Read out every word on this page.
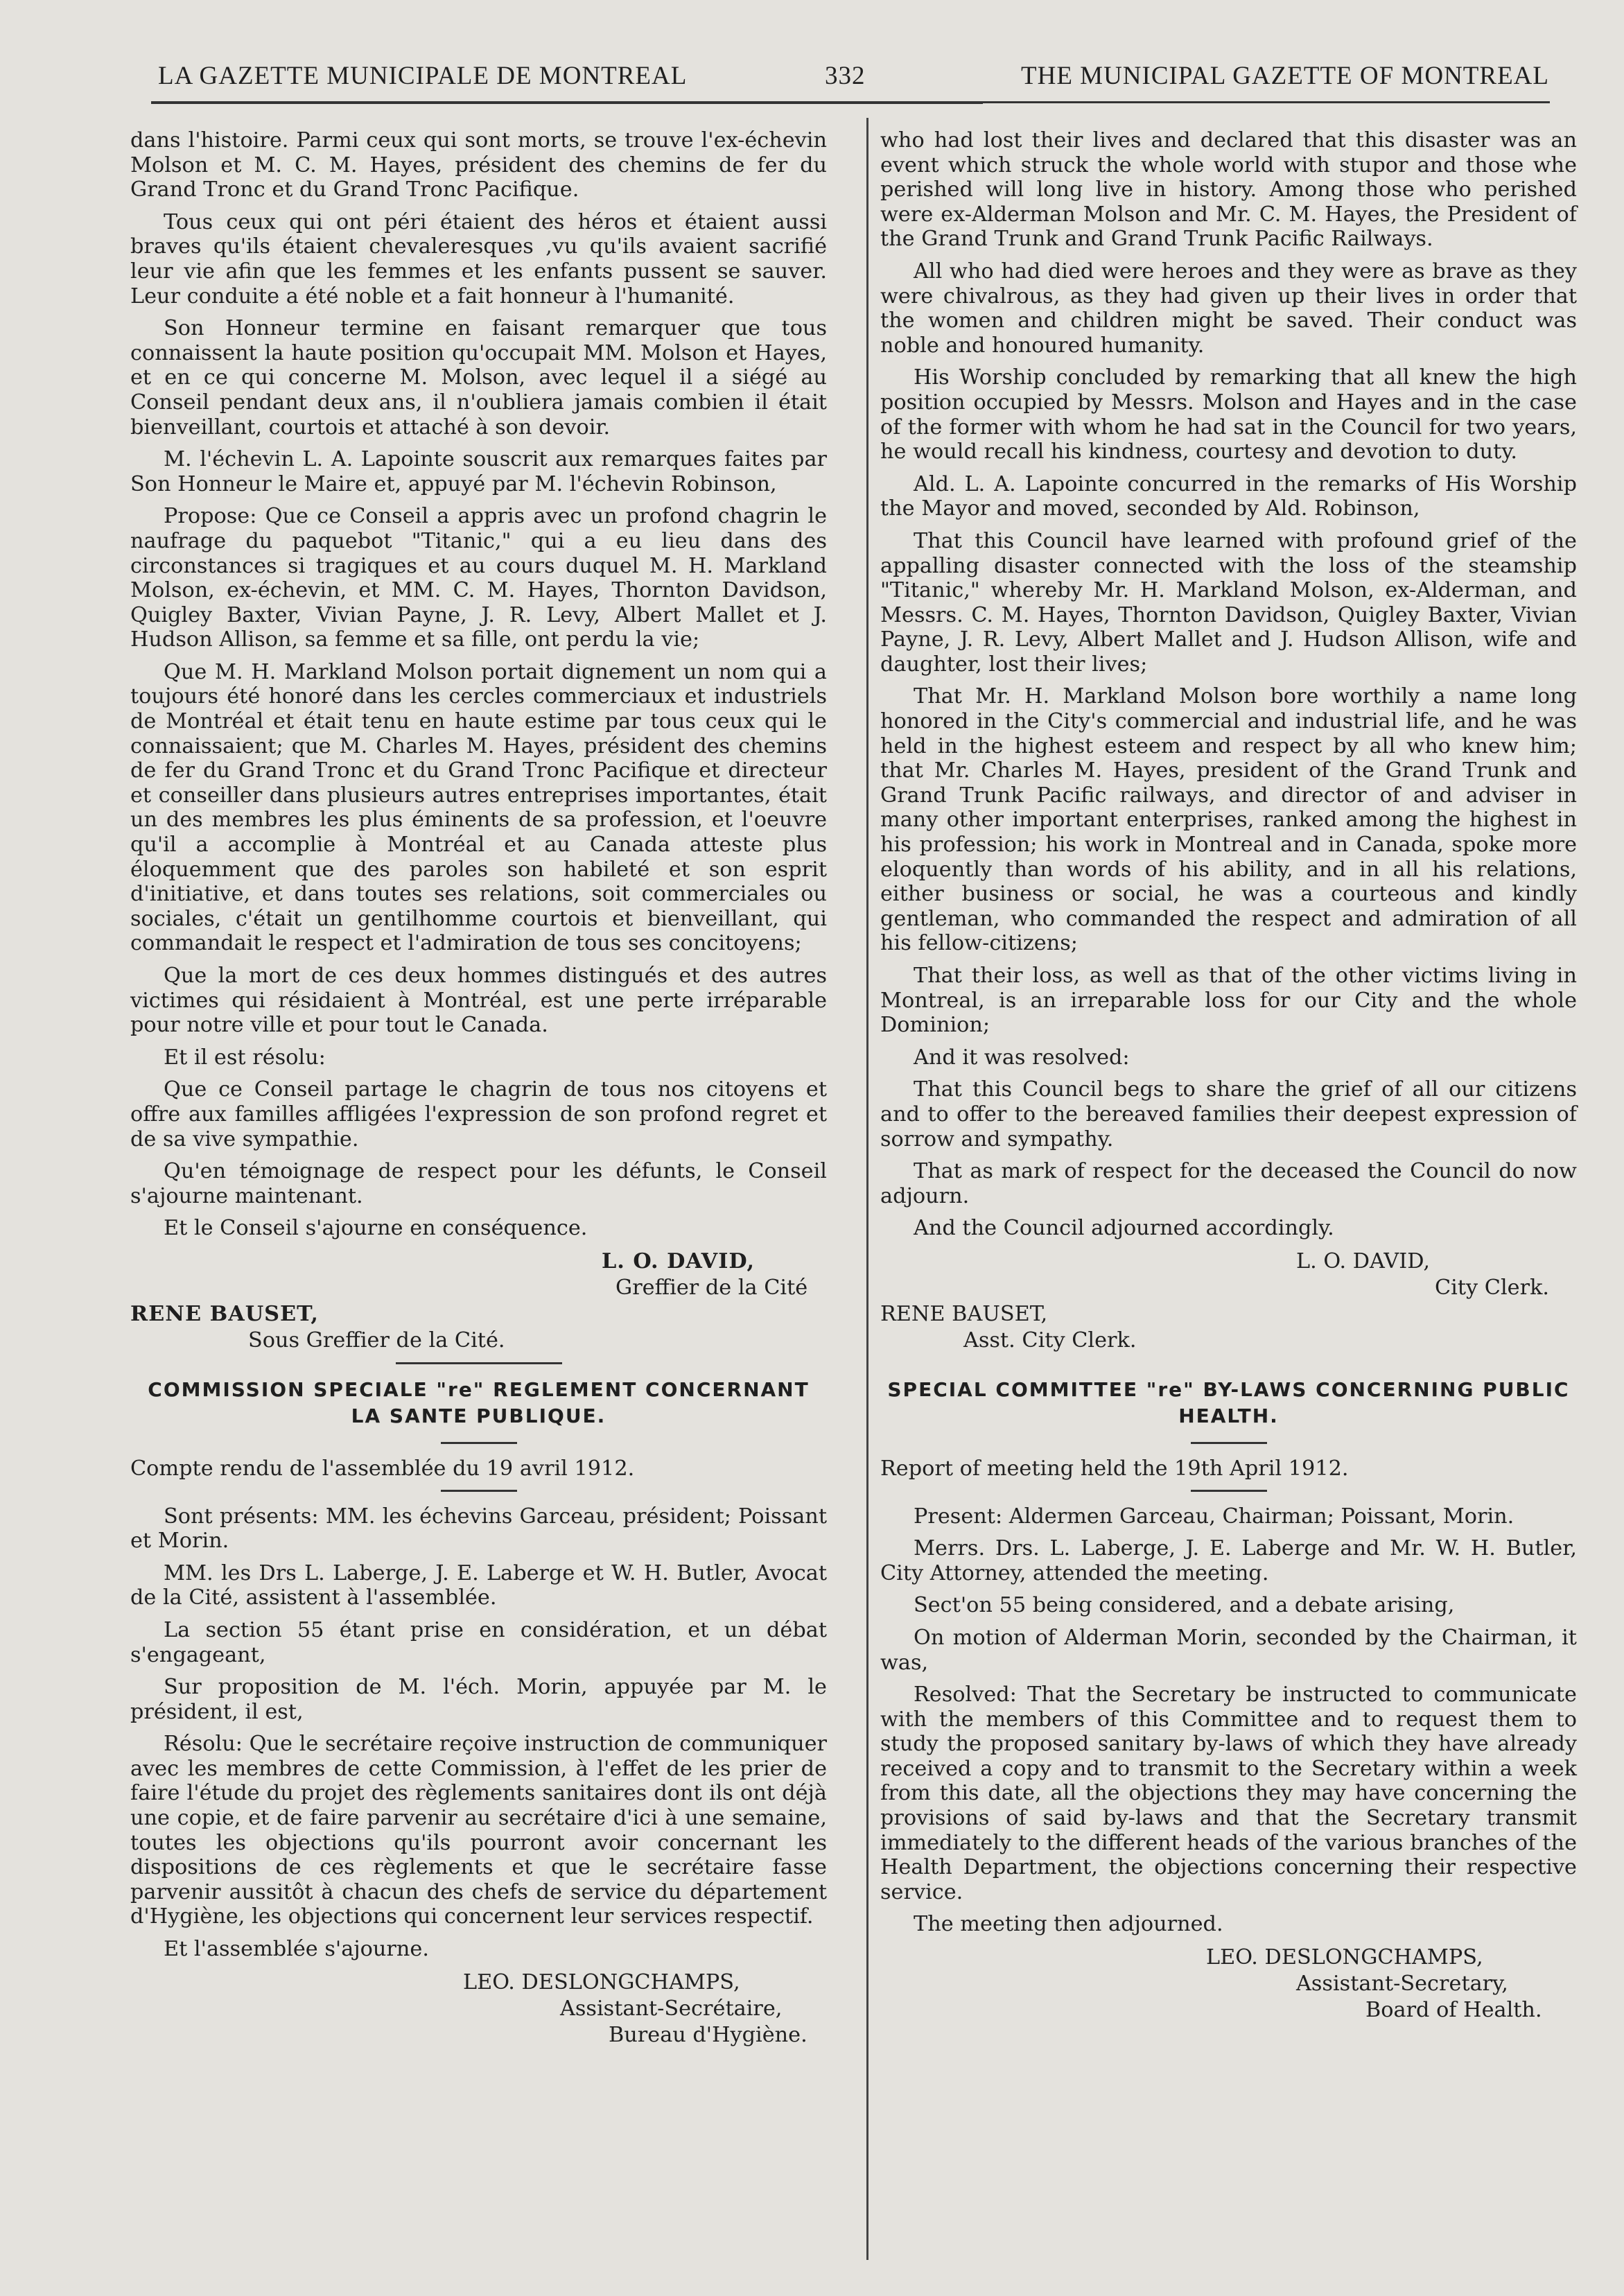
LA GAZETTE MUNICIPALE DE MONTREAL	332	THE MUNICIPAL GAZETTE OF MONTREAL

dans l'histoire. Parmi ceux qui sont morts, se trouve l'ex-échevin Molson et M. C. M. Hayes, président des chemins de fer du Grand Tronc et du Grand Tronc Pacifique.

Tous ceux qui ont péri étaient des héros et étaient aussi braves qu'ils étaient chevaleresques ,vu qu'ils avaient sacrifié leur vie afin que les femmes et les enfants pussent se sauver. Leur conduite a été noble et a fait honneur à l'humanité.

Son Honneur termine en faisant remarquer que tous connaissent la haute position qu'occupait MM. Molson et Hayes, et en ce qui concerne M. Molson, avec lequel il a siégé au Conseil pendant deux ans, il n'oubliera jamais combien il était bienveillant, courtois et attaché à son devoir.

M. l'échevin L. A. Lapointe souscrit aux remarques faites par Son Honneur le Maire et, appuyé par M. l'échevin Robinson,

Propose: Que ce Conseil a appris avec un profond chagrin le naufrage du paquebot "Titanic," qui a eu lieu dans des circonstances si tragiques et au cours duquel M. H. Markland Molson, ex-échevin, et MM. C. M. Hayes, Thornton Davidson, Quigley Baxter, Vivian Payne, J. R. Levy, Albert Mallet et J. Hudson Allison, sa femme et sa fille, ont perdu la vie;

Que M. H. Markland Molson portait dignement un nom qui a toujours été honoré dans les cercles commerciaux et industriels de Montréal et était tenu en haute estime par tous ceux qui le connaissaient; que M. Charles M. Hayes, président des chemins de fer du Grand Tronc et du Grand Tronc Pacifique et directeur et conseiller dans plusieurs autres entreprises importantes, était un des membres les plus éminents de sa profession, et l'oeuvre qu'il a accomplie à Montréal et au Canada atteste plus éloquemment que des paroles son habileté et son esprit d'initiative, et dans toutes ses relations, soit commerciales ou sociales, c'était un gentilhomme courtois et bienveillant, qui commandait le respect et l'admiration de tous ses concitoyens;

Que la mort de ces deux hommes distingués et des autres victimes qui résidaient à Montréal, est une perte irréparable pour notre ville et pour tout le Canada.

Et il est résolu:

Que ce Conseil partage le chagrin de tous nos citoyens et offre aux familles affligées l'expression de son profond regret et de sa vive sympathie.

Qu'en témoignage de respect pour les défunts, le Conseil s'ajourne maintenant.

Et le Conseil s'ajourne en conséquence.

L. O. DAVID,
Greffier de la Cité
RENE BAUSET,
Sous Greffier de la Cité.
COMMISSION SPECIALE "re" REGLEMENT CONCERNANT LA SANTE PUBLIQUE.

Compte rendu de l'assemblée du 19 avril 1912.

Sont présents: MM. les échevins Garceau, président; Poissant et Morin.

MM. les Drs L. Laberge, J. E. Laberge et W. H. Butler, Avocat de la Cité, assistent à l'assemblée.

La section 55 étant prise en considération, et un débat s'engageant,

Sur proposition de M. l'éch. Morin, appuyée par M. le président, il est,

Résolu: Que le secrétaire reçoive instruction de communiquer avec les membres de cette Commission, à l'effet de les prier de faire l'étude du projet des règlements sanitaires dont ils ont déjà une copie, et de faire parvenir au secrétaire d'ici à une semaine, toutes les objections qu'ils pourront avoir concernant les dispositions de ces règlements et que le secrétaire fasse parvenir aussitôt à chacun des chefs de service du département d'Hygiène, les objections qui concernent leur services respectif.

Et l'assemblée s'ajourne.

LEO. DESLONGCHAMPS,
Assistant-Secrétaire,
Bureau d'Hygiène.

who had lost their lives and declared that this disaster was an event which struck the whole world with stupor and those whe perished will long live in history. Among those who perished were ex-Alderman Molson and Mr. C. M. Hayes, the President of the Grand Trunk and Grand Trunk Pacific Railways.

All who had died were heroes and they were as brave as they were chivalrous, as they had given up their lives in order that the women and children might be saved. Their conduct was noble and honoured humanity.

His Worship concluded by remarking that all knew the high position occupied by Messrs. Molson and Hayes and in the case of the former with whom he had sat in the Council for two years, he would recall his kindness, courtesy and devotion to duty.

Ald. L. A. Lapointe concurred in the remarks of His Worship the Mayor and moved, seconded by Ald. Robinson,

That this Council have learned with profound grief of the appalling disaster connected with the loss of the steamship "Titanic," whereby Mr. H. Markland Molson, ex-Alderman, and Messrs. C. M. Hayes, Thornton Davidson, Quigley Baxter, Vivian Payne, J. R. Levy, Albert Mallet and J. Hudson Allison, wife and daughter, lost their lives;

That Mr. H. Markland Molson bore worthily a name long honored in the City's commercial and industrial life, and he was held in the highest esteem and respect by all who knew him; that Mr. Charles M. Hayes, president of the Grand Trunk and Grand Trunk Pacific railways, and director of and adviser in many other important enterprises, ranked among the highest in his profession; his work in Montreal and in Canada, spoke more eloquently than words of his ability, and in all his relations, either business or social, he was a courteous and kindly gentleman, who commanded the respect and admiration of all his fellow-citizens;

That their loss, as well as that of the other victims living in Montreal, is an irreparable loss for our City and the whole Dominion;

And it was resolved:

That this Council begs to share the grief of all our citizens and to offer to the bereaved families their deepest expression of sorrow and sympathy.

That as mark of respect for the deceased the Council do now adjourn.

And the Council adjourned accordingly.

L. O. DAVID,
City Clerk.
RENE BAUSET,
Asst. City Clerk.
SPECIAL COMMITTEE "re" BY-LAWS CONCERNING PUBLIC HEALTH.

Report of meeting held the 19th April 1912.

Present: Aldermen Garceau, Chairman; Poissant, Morin.

Merrs. Drs. L. Laberge, J. E. Laberge and Mr. W. H. Butler, City Attorney, attended the meeting.

Sect'on 55 being considered, and a debate arising,

On motion of Alderman Morin, seconded by the Chairman, it was,

Resolved: That the Secretary be instructed to communicate with the members of this Committee and to request them to study the proposed sanitary by-laws of which they have already received a copy and to transmit to the Secretary within a week from this date, all the objections they may have concerning the provisions of said by-laws and that the Secretary transmit immediately to the different heads of the various branches of the Health Department, the objections concerning their respective service.

The meeting then adjourned.

LEO. DESLONGCHAMPS,
Assistant-Secretary,
Board of Health.
